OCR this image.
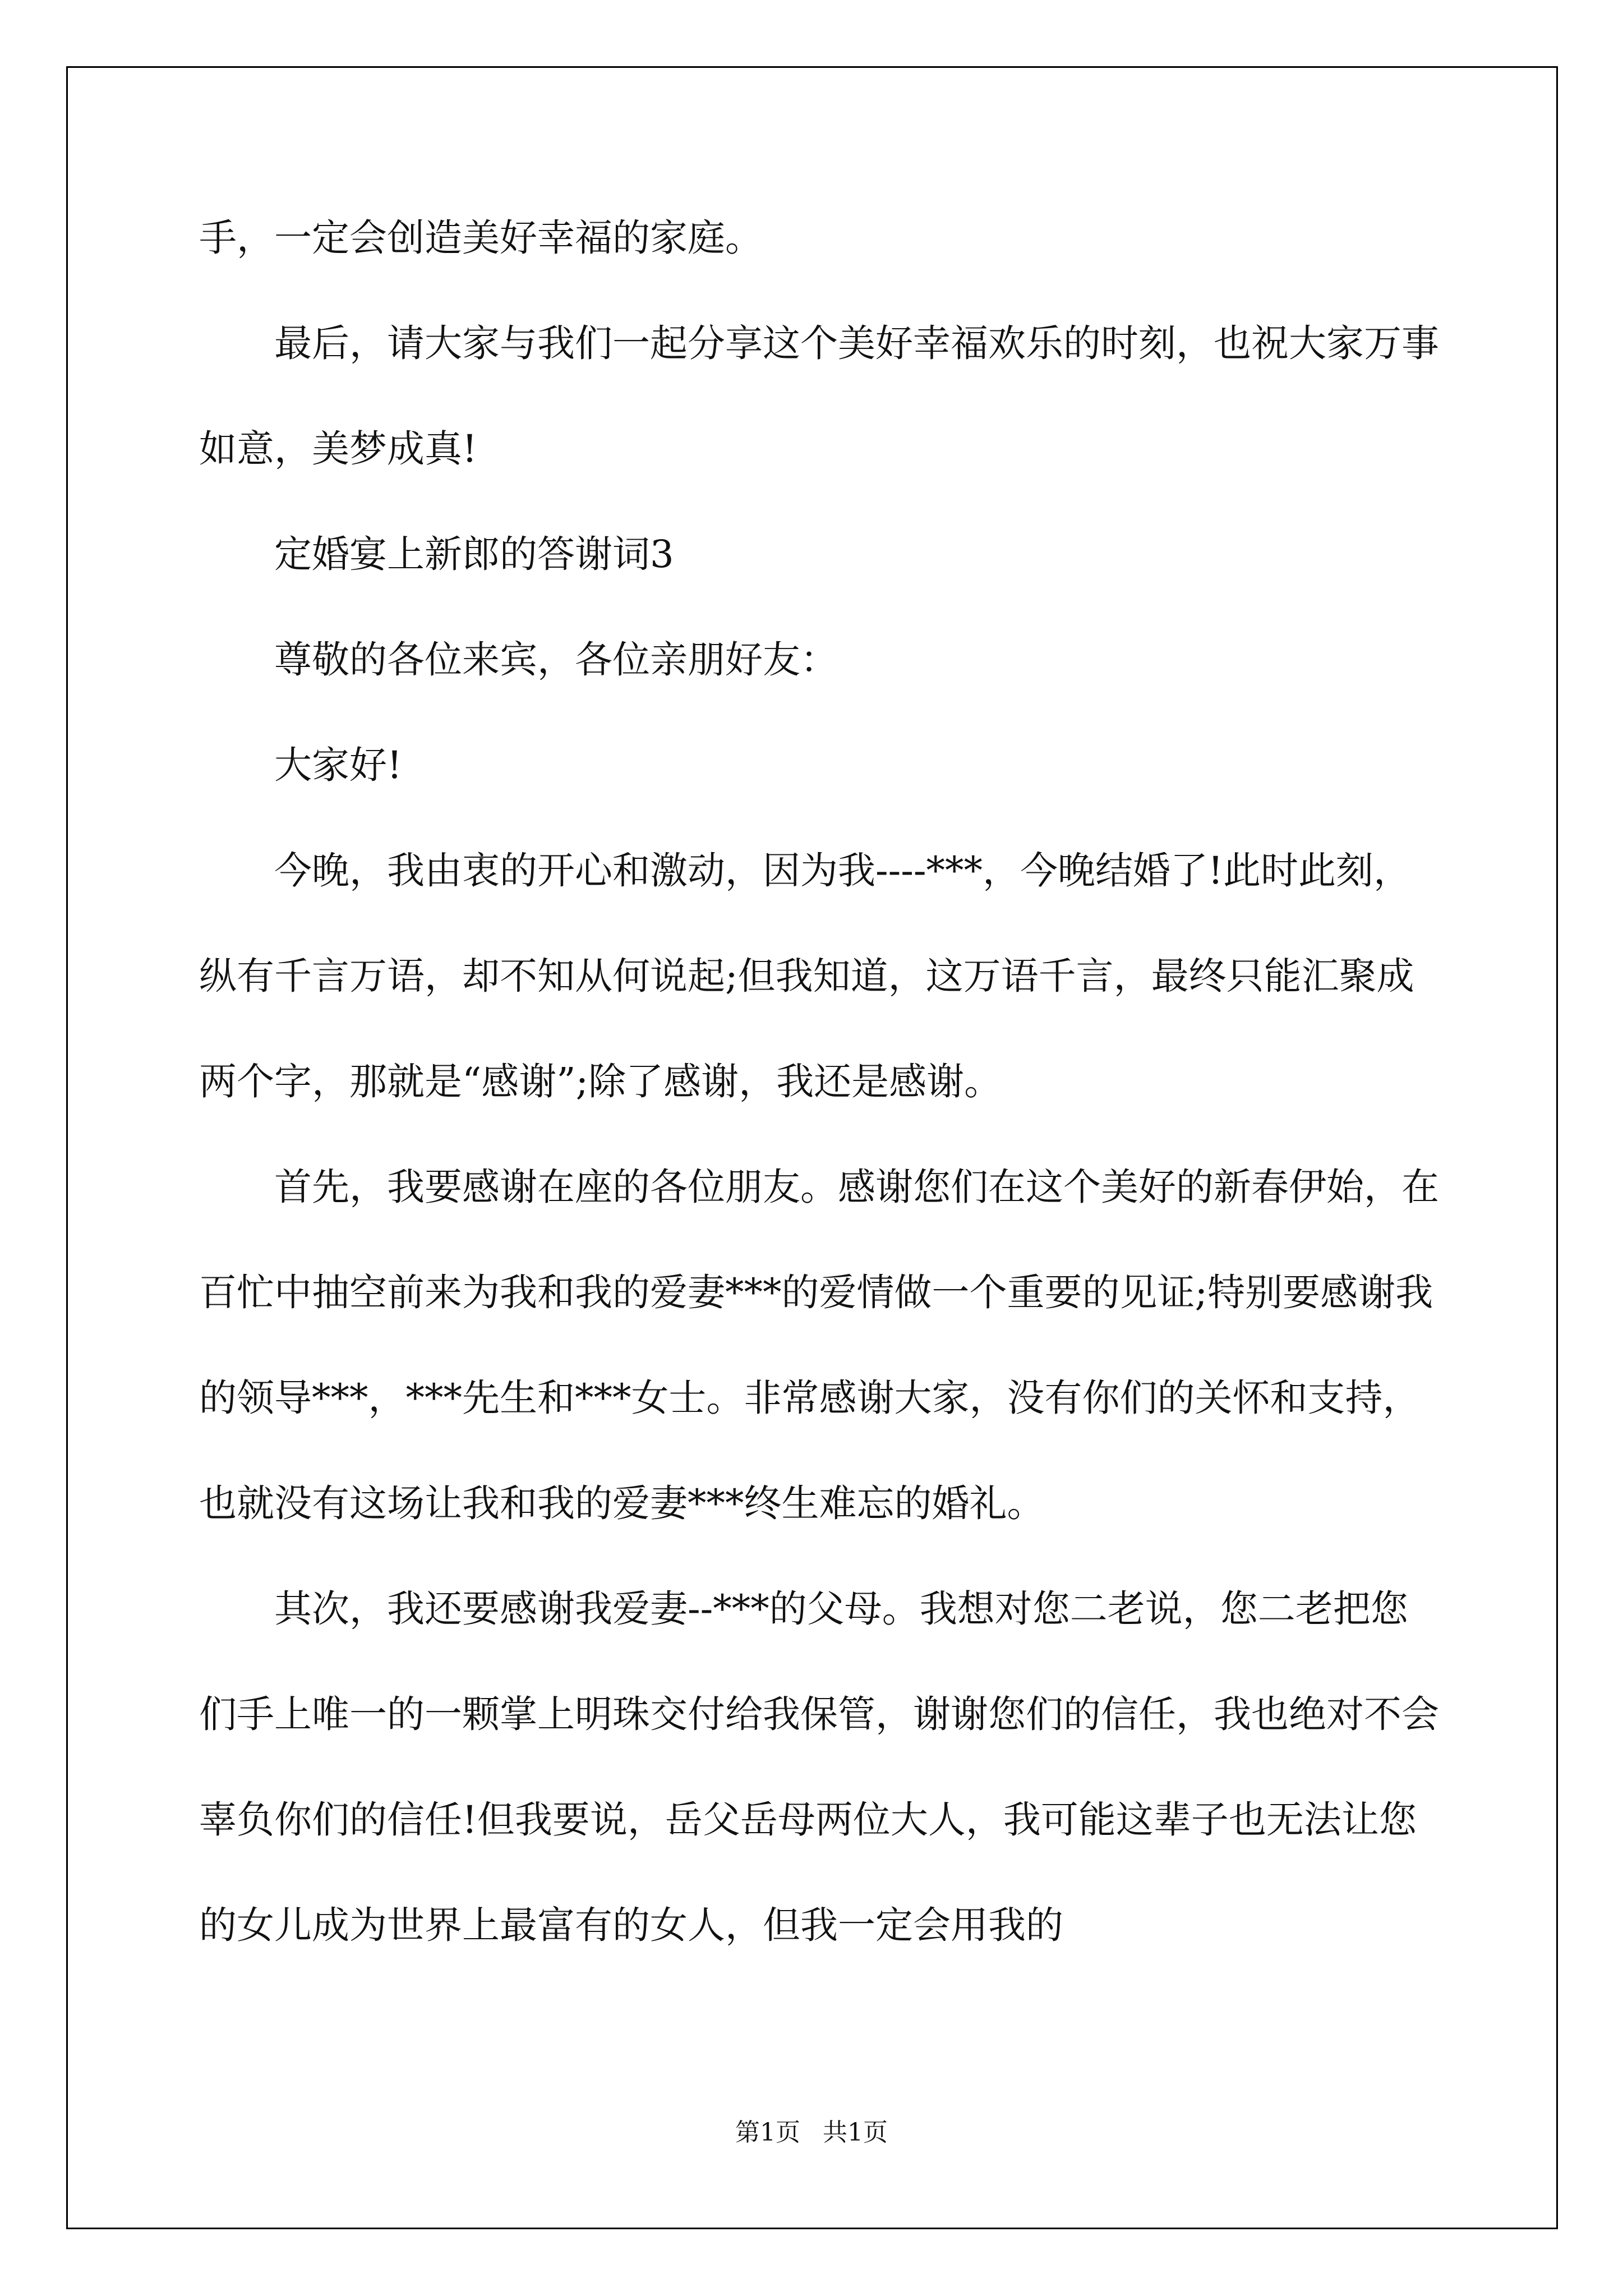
手，一定会创造美好幸福的家庭。

最后，请大家与我们一起分享这个美好幸福欢乐的时刻，也祝大家万事如意，美梦成真!

定婚宴上新郎的答谢词3

尊敬的各位来宾，各位亲朋好友：

大家好!

今晚，我由衷的开心和激动，因为我----***，今晚结婚了!此时此刻，纵有千言万语，却不知从何说起;但我知道，这万语千言，最终只能汇聚成两个字，那就是“感谢”;除了感谢，我还是感谢。

首先，我要感谢在座的各位朋友。感谢您们在这个美好的新春伊始，在百忙中抽空前来为我和我的爱妻***的爱情做一个重要的见证;特别要感谢我的领导***，***先生和***女士。非常感谢大家，没有你们的关怀和支持，也就没有这场让我和我的爱妻***终生难忘的婚礼。

其次，我还要感谢我爱妻--***的父母。我想对您二老说，您二老把您们手上唯一的一颗掌上明珠交付给我保管，谢谢您们的信任，我也绝对不会辜负你们的信任!但我要说，岳父岳母两位大人，我可能这辈子也无法让您的女儿成为世界上最富有的女人，但我一定会用我的

第1页 共1页
